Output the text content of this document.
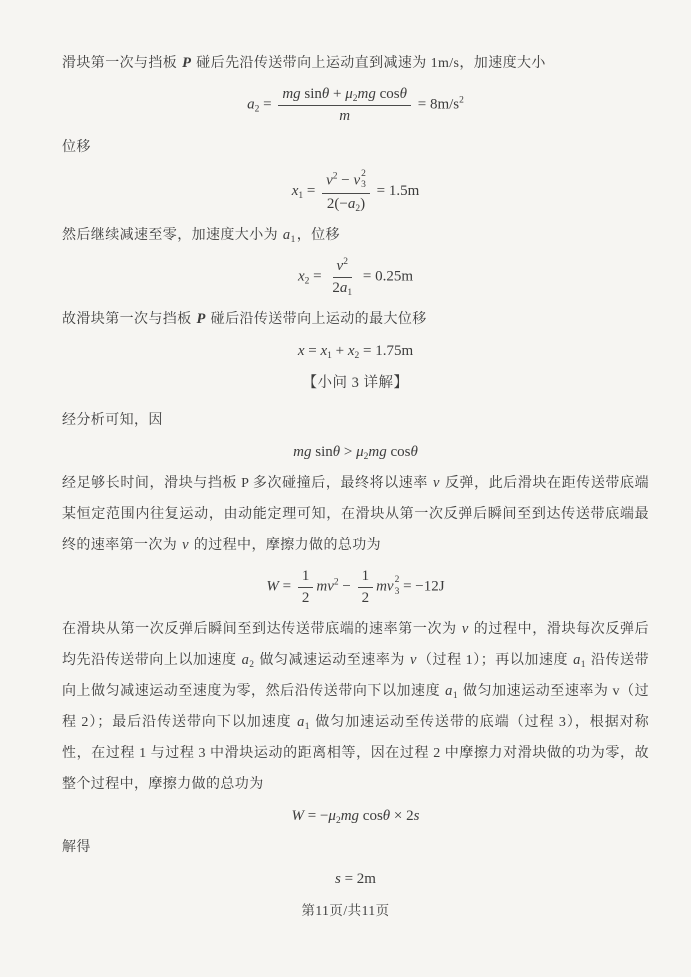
滑块第一次与挡板 P 碰后先沿传送带向上运动直到减速为 1m/s，加速度大小
$a_2 = \frac{mg \sin\theta + \mu_2mg \cos\theta}{m} = 8m/s^2$
位移
$x_1 = v^2 - v$ 2
3
$2(-a_2) = 1.5m$
然后继续减速至零，加速度大小为 $a_1$，位移
$x_2 = \frac{v^2}{2a_1} = 0.25m$
故滑块第一次与挡板 P 碰后沿传送带向上运动的最大位移
$x = x_1 + x_2 = 1.75m$
【小问 3 详解】
经分析可知，因
mg $\sin\theta > \mu_2mg$ cosθ
经足够长时间，滑块与挡板 P 多次碰撞后，最终将以速率 v 反弹，此后滑块在距传送带底端某恒定范围内往复运动，由动能定理可知，在滑块从第一次反弹后瞬间至到达传送带底端最终的速率第一次为 v 的过程中，摩擦力做的总功为
$W = \frac{1}{2} mv^2 - \frac{1}{2}$ mv 2
3 = −12J
在滑块从第一次反弹后瞬间至到达传送带底端的速率第一次为 v 的过程中，滑块每次反弹后均先沿传送带向上以加速度 $a_2$ 做匀减速运动至速率为 v（过程 1）；再以加速度 $a_1$ 沿传送带向上做匀减速运动至速度为零，然后沿传送带向下以加速度 $a_1$ 做匀加速运动至速率为 v（过程 2）；最后沿传送带向下以加速度 $a_1$ 做匀加速运动至传送带的底端（过程 3），根据对称性，在过程 1 与过程 3 中滑块运动的距离相等，因在过程 2 中摩擦力对滑块做的功为零，故整个过程中，摩擦力做的总功为
$W = -\mu_2mg$ cosθ × 2s
解得
s = 2m
第11页/共11页
